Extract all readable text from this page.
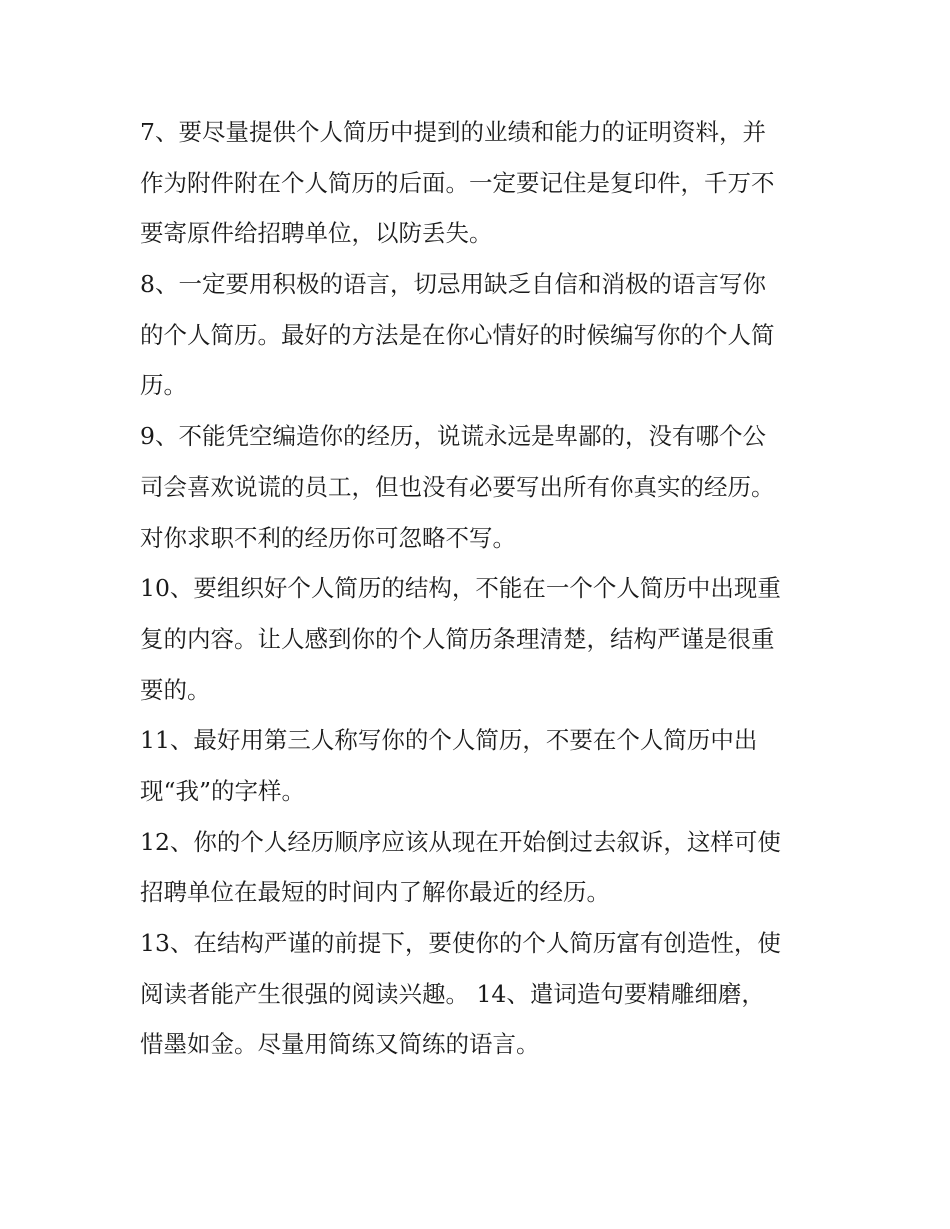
7、要尽量提供个人简历中提到的业绩和能力的证明资料，并
作为附件附在个人简历的后面。一定要记住是复印件，千万不
要寄原件给招聘单位，以防丢失。
8、一定要用积极的语言，切忌用缺乏自信和消极的语言写你
的个人简历。最好的方法是在你心情好的时候编写你的个人简
历。
9、不能凭空编造你的经历，说谎永远是卑鄙的，没有哪个公
司会喜欢说谎的员工，但也没有必要写出所有你真实的经历。
对你求职不利的经历你可忽略不写。
10、要组织好个人简历的结构，不能在一个个人简历中出现重
复的内容。让人感到你的个人简历条理清楚，结构严谨是很重
要的。
11、最好用第三人称写你的个人简历，不要在个人简历中出
现“我”的字样。
12、你的个人经历顺序应该从现在开始倒过去叙诉，这样可使
招聘单位在最短的时间内了解你最近的经历。
13、在结构严谨的前提下，要使你的个人简历富有创造性，使
阅读者能产生很强的阅读兴趣。 14、遣词造句要精雕细磨，
惜墨如金。尽量用简练又简练的语言。
